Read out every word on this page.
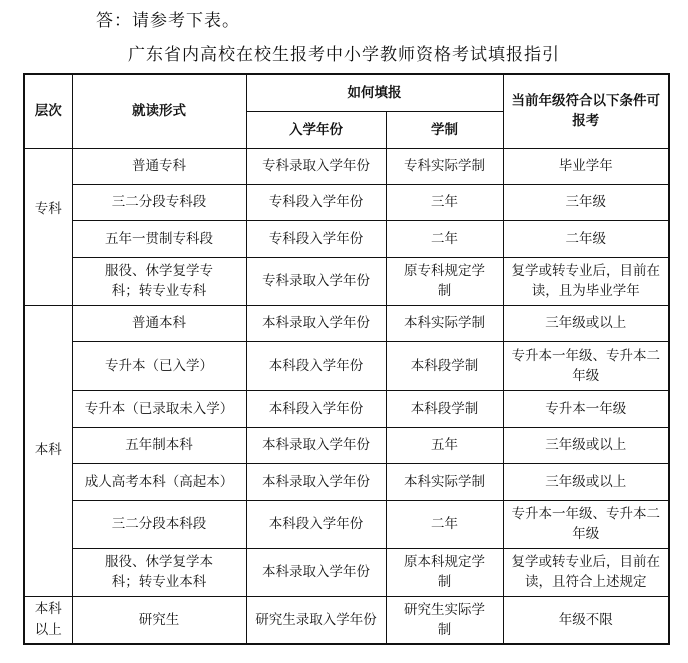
答：请参考下表。
广东省内高校在校生报考中小学教师资格考试填报指引
层次	就读形式	如何填报		当前年级符合以下条件可报考
		入学年份	学制	
专科	普通专科	专科录取入学年份	专科实际学制	毕业学年
	三二分段专科段	专科段入学年份	三年	三年级
	五年一贯制专科段	专科段入学年份	二年	二年级
	服役、休学复学专科；转专业专科	专科录取入学年份	原专科规定学制	复学或转专业后，目前在读，且为毕业学年
本科	普通本科	本科录取入学年份	本科实际学制	三年级或以上
	专升本（已入学）	本科段入学年份	本科段学制	专升本一年级、专升本二年级
	专升本（已录取未入学）	本科段入学年份	本科段学制	专升本一年级
	五年制本科	本科录取入学年份	五年	三年级或以上
	成人高考本科（高起本）	本科录取入学年份	本科实际学制	三年级或以上
	三二分段本科段	本科段入学年份	二年	专升本一年级、专升本二年级
	服役、休学复学本科；转专业本科	本科录取入学年份	原本科规定学制	复学或转专业后，目前在读，且符合上述规定
本科以上	研究生	研究生录取入学年份	研究生实际学制	年级不限
